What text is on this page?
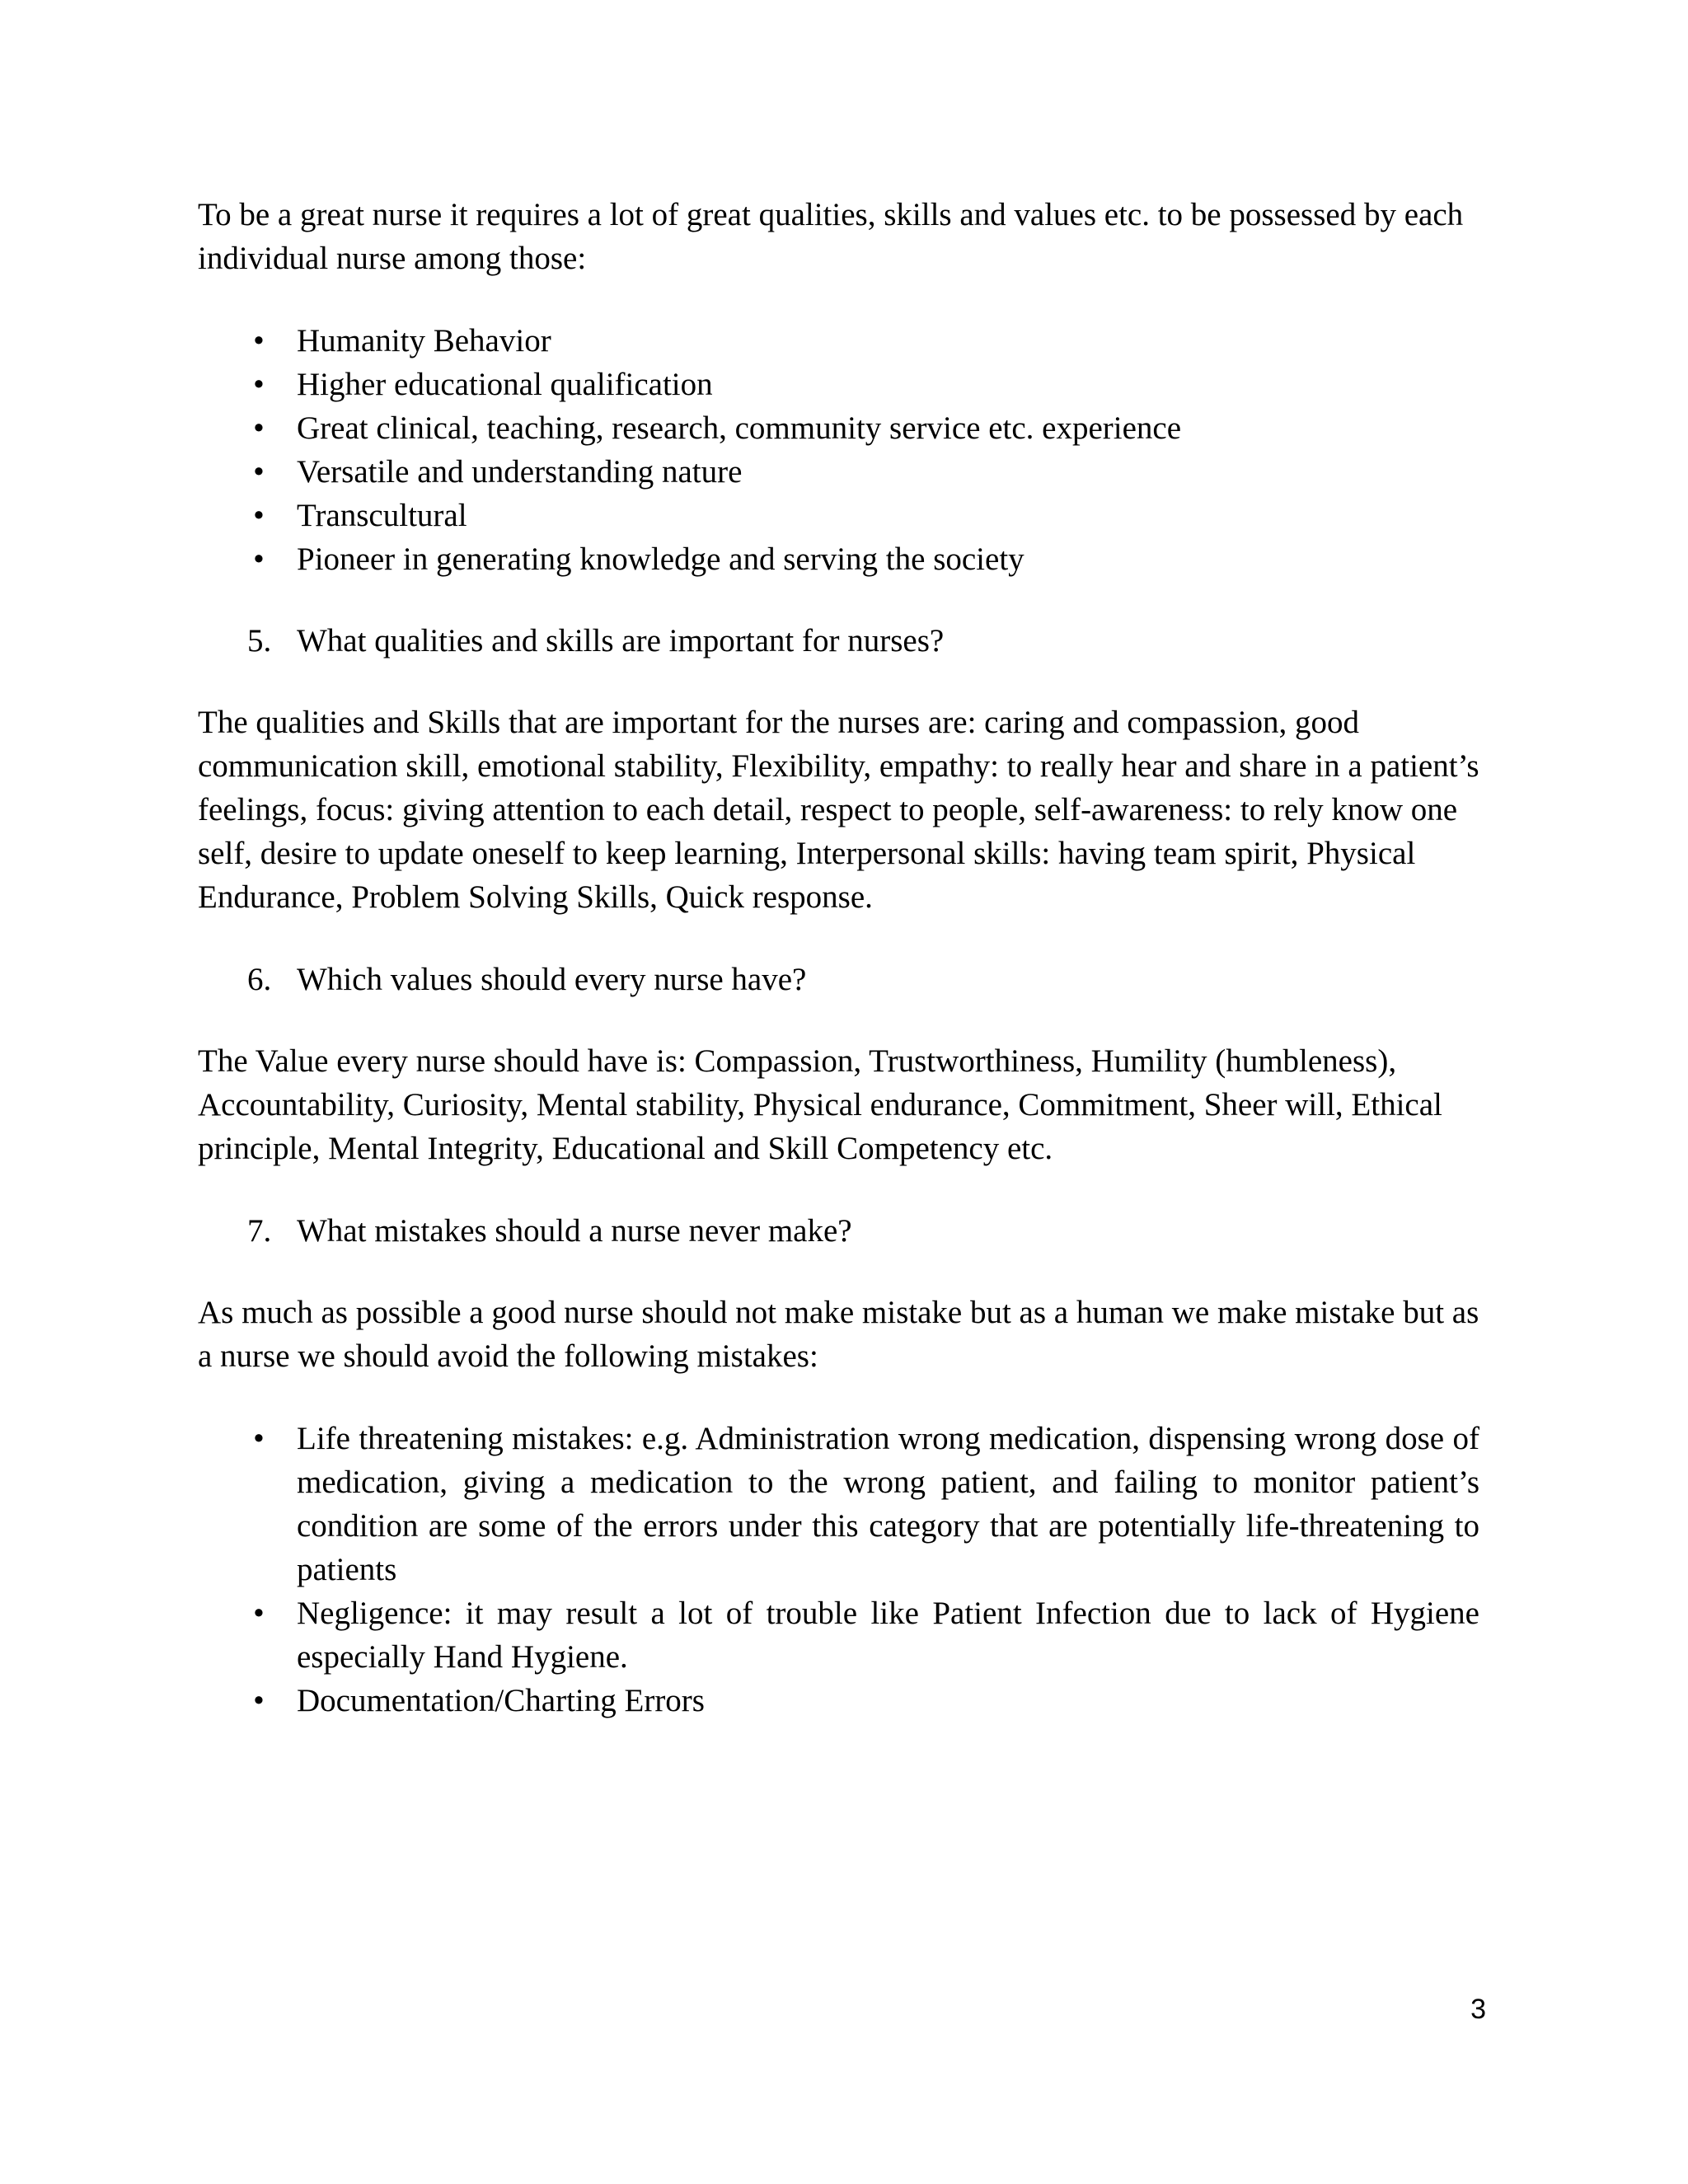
To be a great nurse it requires a lot of great qualities, skills and values etc. to be possessed by each individual nurse among those:

• Humanity Behavior
• Higher educational qualification
• Great clinical, teaching, research, community service etc. experience
• Versatile and understanding nature
• Transcultural
• Pioneer in generating knowledge and serving the society

5. What qualities and skills are important for nurses?

The qualities and Skills that are important for the nurses are: caring and compassion, good communication skill, emotional stability, Flexibility, empathy: to really hear and share in a patient’s feelings, focus: giving attention to each detail, respect to people, self-awareness: to rely know one self, desire to update oneself to keep learning, Interpersonal skills: having team spirit, Physical Endurance, Problem Solving Skills, Quick response.

6. Which values should every nurse have?

The Value every nurse should have is: Compassion, Trustworthiness, Humility (humbleness), Accountability, Curiosity, Mental stability, Physical endurance, Commitment, Sheer will, Ethical principle, Mental Integrity, Educational and Skill Competency etc.

7. What mistakes should a nurse never make?

As much as possible a good nurse should not make mistake but as a human we make mistake but as a nurse we should avoid the following mistakes:

• Life threatening mistakes: e.g. Administration wrong medication, dispensing wrong dose of medication, giving a medication to the wrong patient, and failing to monitor patient’s condition are some of the errors under this category that are potentially life-threatening to patients
• Negligence: it may result a lot of trouble like Patient Infection due to lack of Hygiene especially Hand Hygiene.
• Documentation/Charting Errors
3
